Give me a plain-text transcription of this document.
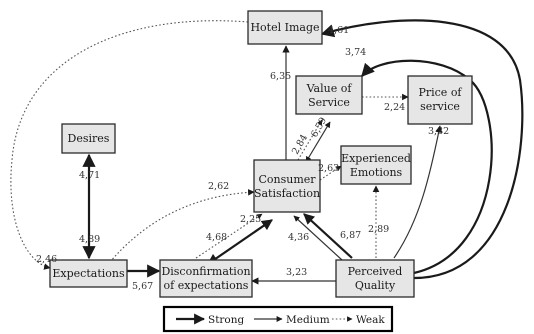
Hotel Image
Value of
Service
Price of
service
Desires
Consumer
Satisfaction
Experienced
Emotions
Expectations	Disconfirmation
of expectations
Perceived
Quality
4,61
3,74
6,35
2,24
3,32
2,84
6,59
4,71
4,89
2,63
2,62
2,89
2,25
4,68	4,36	6,87
2,46
5,67
3,23
Strong	Medium Weak
